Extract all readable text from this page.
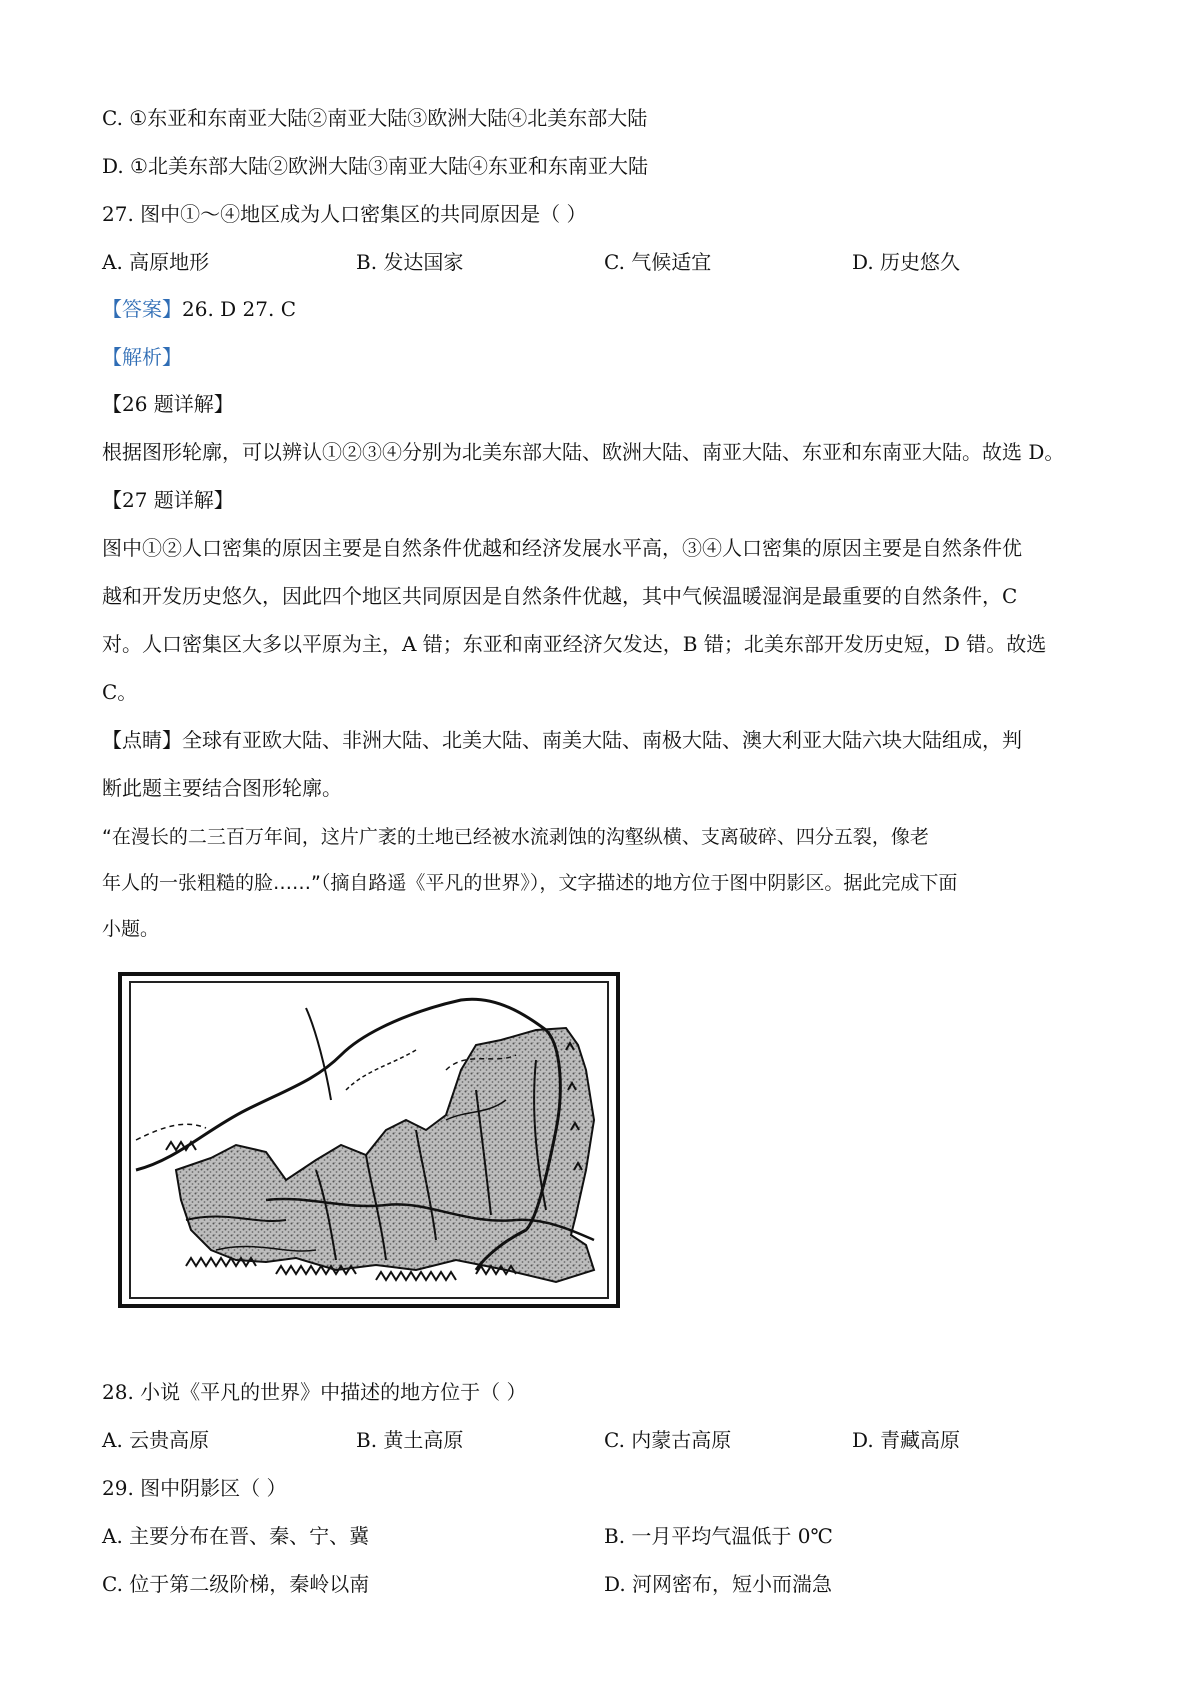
C. ①东亚和东南亚大陆②南亚大陆③欧洲大陆④北美东部大陆
D. ①北美东部大陆②欧洲大陆③南亚大陆④东亚和东南亚大陆
27. 图中①～④地区成为人口密集区的共同原因是（ ）
A. 高原地形	B. 发达国家	C. 气候适宜	D. 历史悠久
【答案】26. D 27. C
【解析】
【26 题详解】
根据图形轮廓，可以辨认①②③④分别为北美东部大陆、欧洲大陆、南亚大陆、东亚和东南亚大陆。故选 D。
【27 题详解】
图中①②人口密集的原因主要是自然条件优越和经济发展水平高，③④人口密集的原因主要是自然条件优
越和开发历史悠久，因此四个地区共同原因是自然条件优越，其中气候温暖湿润是最重要的自然条件，C
对。人口密集区大多以平原为主，A 错；东亚和南亚经济欠发达，B 错；北美东部开发历史短，D 错。故选
C。
【点睛】全球有亚欧大陆、非洲大陆、北美大陆、南美大陆、南极大陆、澳大利亚大陆六块大陆组成，判
断此题主要结合图形轮廓。
“在漫长的二三百万年间，这片广袤的土地已经被水流剥蚀的沟壑纵横、支离破碎、四分五裂，像老
年人的一张粗糙的脸……”（摘自路遥《平凡的世界》），文字描述的地方位于图中阴影区。据此完成下面
小题。
28. 小说《平凡的世界》中描述的地方位于（ ）
A. 云贵高原	B. 黄土高原	C. 内蒙古高原	D. 青藏高原
29. 图中阴影区（ ）
A. 主要分布在晋、秦、宁、冀	B. 一月平均气温低于 0℃
C. 位于第二级阶梯，秦岭以南	D. 河网密布，短小而湍急
